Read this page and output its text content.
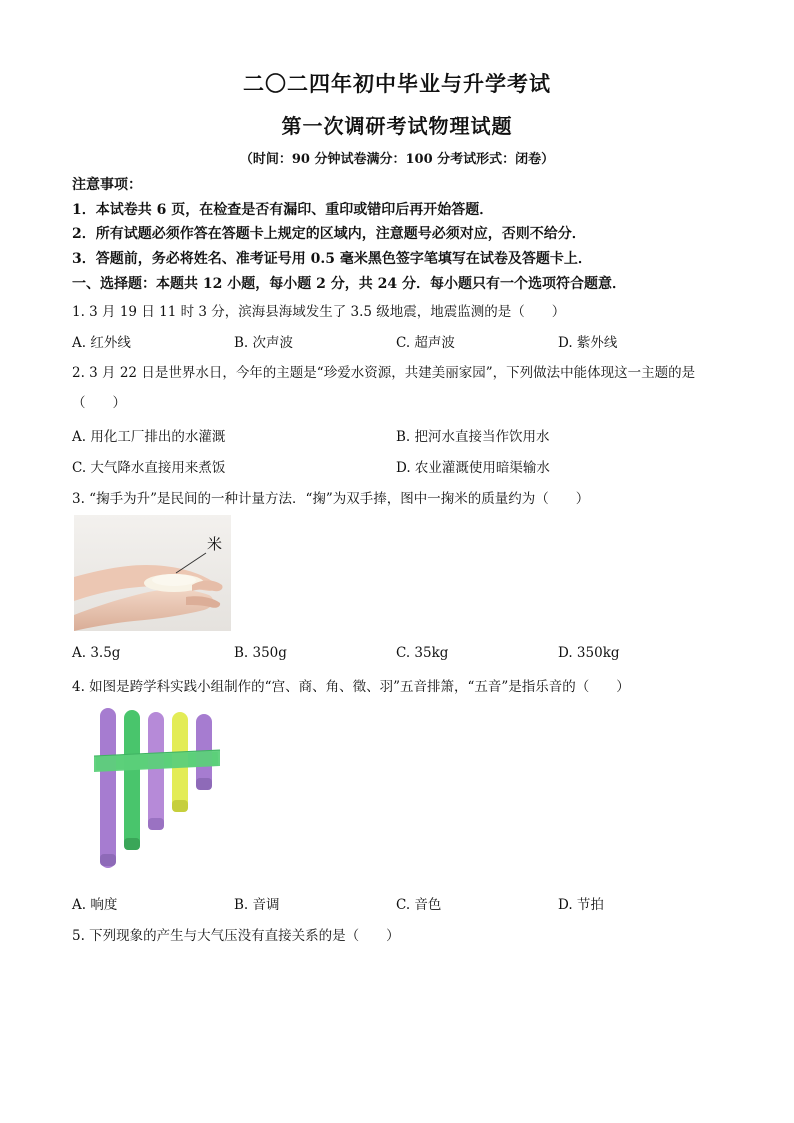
二〇二四年初中毕业与升学考试
第一次调研考试物理试题
（时间：90 分钟试卷满分：100 分考试形式：闭卷）
注意事项：
1．本试卷共 6 页，在检查是否有漏印、重印或错印后再开始答题．
2．所有试题必须作答在答题卡上规定的区域内，注意题号必须对应，否则不给分．
3．答题前，务必将姓名、准考证号用 0.5 毫米黑色签字笔填写在试卷及答题卡上．
一、选择题：本题共 12 小题，每小题 2 分，共 24 分．每小题只有一个选项符合题意．
1. 3 月 19 日 11 时 3 分，滨海县海域发生了 3.5 级地震，地震监测的是（　　）
A. 红外线	B. 次声波	C. 超声波	D. 紫外线
2. 3 月 22 日是世界水日，今年的主题是“珍爱水资源，共建美丽家园”，下列做法中能体现这一主题的是
（　　）
A. 用化工厂排出的水灌溉	B. 把河水直接当作饮用水
C. 大气降水直接用来煮饭	D. 农业灌溉使用暗渠输水
3. “掬手为升”是民间的一种计量方法．“掬”为双手捧，图中一掬米的质量约为（　　）
米
A. 3.5g	B. 350g	C. 35kg	D. 350kg
4. 如图是跨学科实践小组制作的“宫、商、角、徵、羽”五音排箫，“五音”是指乐音的（　　）
A. 响度	B. 音调	C. 音色	D. 节拍
5. 下列现象的产生与大气压没有直接关系的是（　　）
